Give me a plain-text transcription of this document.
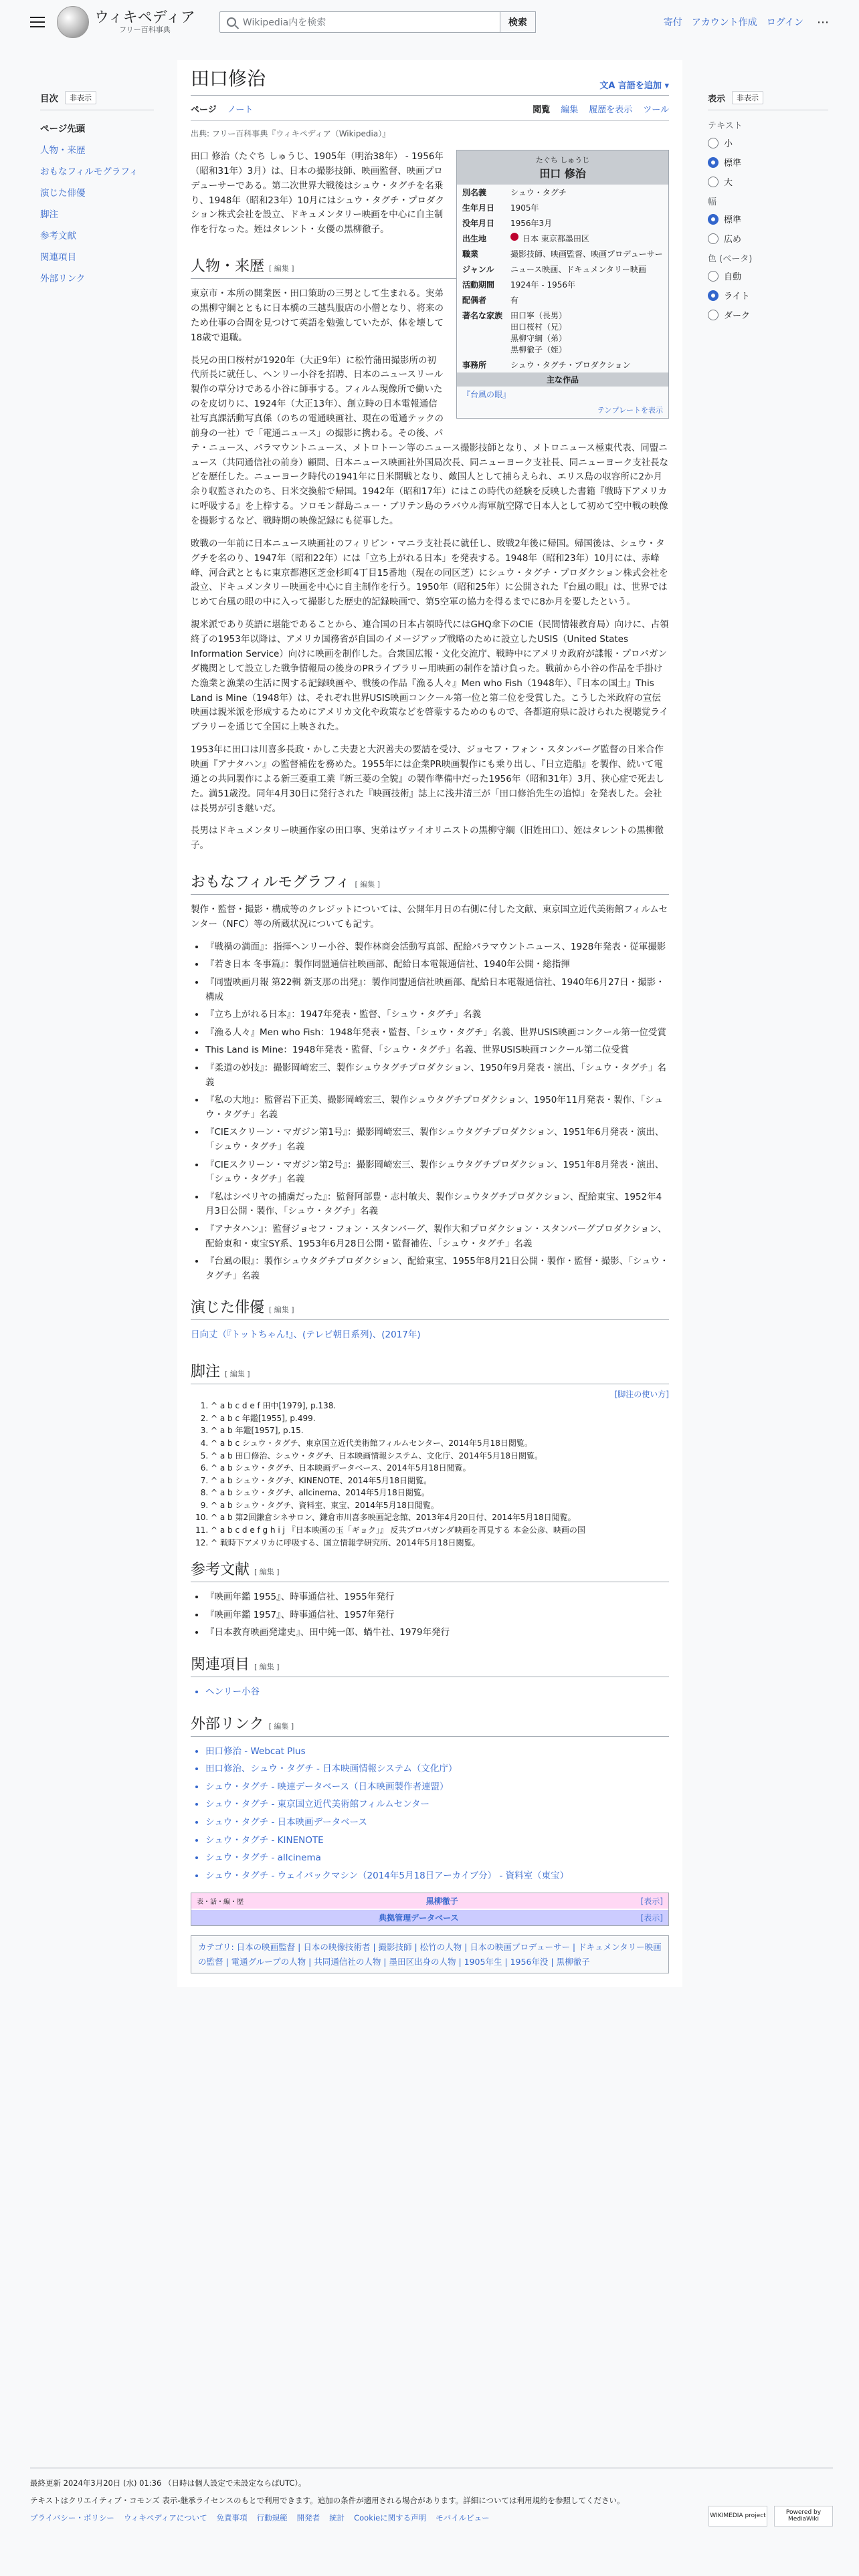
ウィキペディア
フリー百科事典
Wikipedia内を検索	検索	寄付 アカウント作成 ログイン ⋯
目次	非表示
ページ先頭
人物・来歴
おもなフィルモグラフィ
演じた俳優
脚注
参考文献
関連項目
外部リンク
田口修治	文A 言語を追加 ▾
ページ ノート	閲覧 編集 履歴を表示 ツール
出典: フリー百科事典『ウィキペディア（Wikipedia）』
たぐち しゅうじ
田口 修治
別名義	シュウ・タグチ
生年月日	1905年
没年月日	1956年3月
出生地	日本 東京都墨田区
職業	撮影技師、映画監督、映画プロデューサー
ジャンル	ニュース映画、ドキュメンタリー映画
活動期間	1924年 - 1956年
配偶者	有
著名な家族 田口寧（長男）
田口桜村（兄）
黒柳守綱（弟）
黒柳徹子（姪）
事務所	シュウ・タグチ・プロダクション
主な作品
『台風の眼』
テンプレートを表示

田口 修治（たぐち しゅうじ、1905年（明治38年） - 1956年（昭和31年）3月）は、日本の撮影技師、映画監督、映画プロデューサーである。第二次世界大戦後はシュウ・タグチを名乗り、1948年（昭和23年）10月にはシュウ・タグチ・プロダクション株式会社を設立、ドキュメンタリー映画を中心に自主制作を行なった。姪はタレント・女優の黒柳徹子。

人物・来歴 [ 編集 ]

東京市・本所の開業医・田口策助の三男として生まれる。実弟の黒柳守綱とともに日本橋の三越呉服店の小僧となり、将来のため仕事の合間を見つけて英語を勉強していたが、体を壊して18歳で退職。

長兄の田口桜村が1920年（大正9年）に松竹蒲田撮影所の初代所長に就任し、ヘンリー小谷を招聘、日本のニュースリール製作の草分けである小谷に師事する。フィルム現像所で働いたのを皮切りに、1924年（大正13年）、創立時の日本電報通信社写真課活動写真係（のちの電通映画社、現在の電通テックの前身の一社）で「電通ニュース」の撮影に携わる。その後、パテ・ニュース、パラマウントニュース、メトロトーン等のニュース撮影技師となり、メトロニュース極東代表、同盟ニュース（共同通信社の前身）顧問、日本ニュース映画社外国局次長、同ニューヨーク支社長、同ニューヨーク支社長などを歴任した。ニューヨーク時代の1941年に日米開戦となり、敵国人として捕らえられ、エリス島の収容所に2か月余り収監されたのち、日米交換船で帰国。1942年（昭和17年）にはこの時代の経験を反映した書籍『戦時下アメリカに呼吸する』を上梓する。ソロモン群島ニュー・ブリテン島のラバウル海軍航空隊で日本人として初めて空中戦の映像を撮影するなど、戦時期の映像記録にも従事した。

敗戦の一年前に日本ニュース映画社のフィリピン・マニラ支社長に就任し、敗戦2年後に帰国。帰国後は、シュウ・タグチを名のり、1947年（昭和22年）には「立ち上がれる日本」を発表する。1948年（昭和23年）10月には、赤峰峰、河合武とともに東京都港区芝金杉町4丁目15番地（現在の同区芝）にシュウ・タグチ・プロダクション株式会社を設立、ドキュメンタリー映画を中心に自主制作を行う。1950年（昭和25年）に公開された『台風の眼』は、世界ではじめて台風の眼の中に入って撮影した歴史的記録映画で、第5空軍の協力を得るまでに8か月を要したという。

親米派であり英語に堪能であることから、連合国の日本占領時代にはGHQ傘下のCIE（民間情報教育局）向けに、占領終了の1953年以降は、アメリカ国務省が自国のイメージアップ戦略のために設立したUSIS（United States Information Service）向けに映画を制作した。合衆国広報・文化交流庁、戦時中にアメリカ政府が諜報・プロパガンダ機関として設立した戦争情報局の後身のPRライブラリー用映画の制作を請け負った。戦前から小谷の作品を手掛けた漁業と漁業の生活に関する記録映画や、戦後の作品『漁る人々』Men who Fish（1948年）、『日本の国土』This Land is Mine（1948年）は、それぞれ世界USIS映画コンクール第一位と第二位を受賞した。こうした米政府の宣伝映画は親米派を形成するためにアメリカ文化や政策などを啓蒙するためのもので、各都道府県に設けられた視聴覚ライブラリーを通じて全国に上映された。

1953年に田口は川喜多長政・かしこ夫妻と大沢善夫の要請を受け、ジョセフ・フォン・スタンバーグ監督の日米合作映画『アナタハン』の監督補佐を務めた。1955年には企業PR映画製作にも乗り出し、『日立造船』を製作、続いて電通との共同製作による新三菱重工業『新三菱の全貌』の製作準備中だった1956年（昭和31年）3月、狭心症で死去した。満51歳没。同年4月30日に発行された『映画技術』誌上に浅井清三が「田口修治先生の追悼」を発表した。会社は長男が引き継いだ。

長男はドキュメンタリー映画作家の田口寧、実弟はヴァイオリニストの黒柳守綱（旧姓田口）、姪はタレントの黒柳徹子。

おもなフィルモグラフィ [ 編集 ]

製作・監督・撮影・構成等のクレジットについては、公開年月日の右側に付した文献、東京国立近代美術館フィルムセンター（NFC）等の所蔵状況についても記す。

• 『戦禍の満面』：指揮ヘンリー小谷、製作林商会活動写真部、配給パラマウントニュース、1928年発表・従軍撮影
• 『若き日本 冬事篇』：製作同盟通信社映画部、配給日本電報通信社、1940年公開・総指揮
• 『同盟映画月報 第22輯 新支那の出発』：製作同盟通信社映画部、配給日本電報通信社、1940年6月27日・撮影・構成
• 『立ち上がれる日本』：1947年発表・監督、「シュウ・タグチ」名義
• 『漁る人々』Men who Fish：1948年発表・監督、「シュウ・タグチ」名義、世界USIS映画コンクール第一位受賞
• This Land is Mine：1948年発表・監督、「シュウ・タグチ」名義、世界USIS映画コンクール第二位受賞
• 『柔道の妙技』：撮影岡崎宏三、製作シュウタグチプロダクション、1950年9月発表・演出、「シュウ・タグチ」名義
• 『私の大地』：監督岩下正美、撮影岡崎宏三、製作シュウタグチプロダクション、1950年11月発表・製作、「シュウ・タグチ」名義
• 『CIEスクリーン・マガジン第1号』：撮影岡崎宏三、製作シュウタグチプロダクション、1951年6月発表・演出、「シュウ・タグチ」名義
• 『CIEスクリーン・マガジン第2号』：撮影岡崎宏三、製作シュウタグチプロダクション、1951年8月発表・演出、「シュウ・タグチ」名義
• 『私はシベリヤの捕虜だった』：監督阿部豊・志村敏夫、製作シュウタグチプロダクション、配給東宝、1952年4月3日公開・製作、「シュウ・タグチ」名義
• 『アナタハン』：監督ジョセフ・フォン・スタンバーグ、製作大和プロダクション・スタンバーグプロダクション、配給東和・東宝SY系、1953年6月28日公開・監督補佐、「シュウ・タグチ」名義
• 『台風の眼』：製作シュウタグチプロダクション、配給東宝、1955年8月21日公開・製作・監督・撮影、「シュウ・タグチ」名義
演じた俳優 [ 編集 ]

日向丈（『トットちゃん!』、(テレビ朝日系列)、(2017年)

脚注 [ 編集 ]
[脚注の使い方]
1. ^ a b c d e f 田中[1979], p.138.
2. ^ a b c 年鑑[1955], p.499.
3. ^ a b 年鑑[1957], p.15.
4. ^ a b c シュウ・タグチ、東京国立近代美術館フィルムセンター、2014年5月18日閲覧。
5. ^ a b 田口修治、シュウ・タグチ、日本映画情報システム、文化庁、2014年5月18日閲覧。
6. ^ a b シュウ・タグチ、日本映画データベース、2014年5月18日閲覧。
7. ^ a b シュウ・タグチ、KINENOTE、2014年5月18日閲覧。
8. ^ a b シュウ・タグチ、allcinema、2014年5月18日閲覧。
9. ^ a b シュウ・タグチ、資料室、東宝、2014年5月18日閲覧。
10. ^ a b 第2回鎌倉シネサロン、鎌倉市川喜多映画記念館、2013年4月20日付、2014年5月18日閲覧。
11. ^ a b c d e f g h i j 『日本映画の玉「ギョク」』 反共プロパガンダ映画を再見する 本金公彦、映画の国
12. ^ 戦時下アメリカに呼吸する、国立情報学研究所、2014年5月18日閲覧。
参考文献 [ 編集 ]
• 『映画年鑑 1955』、時事通信社、1955年発行
• 『映画年鑑 1957』、時事通信社、1957年発行
• 『日本教育映画発達史』、田中純一郎、蝸牛社、1979年発行
関連項目 [ 編集 ]
• ヘンリー小谷
外部リンク [ 編集 ]
• 田口修治 - Webcat Plus
• 田口修治、シュウ・タグチ - 日本映画情報システム（文化庁）
• シュウ・タグチ - 映連データベース（日本映画製作者連盟）
• シュウ・タグチ - 東京国立近代美術館フィルムセンター
• シュウ・タグチ - 日本映画データベース
• シュウ・タグチ - KINENOTE
• シュウ・タグチ - allcinema
• シュウ・タグチ - ウェイバックマシン（2014年5月18日アーカイブ分） - 資料室（東宝）
表・話・編・歴	黒柳徹子	[表示]
典拠管理データベース	[表示]
カテゴリ: 日本の映画監督 | 日本の映像技術者 | 撮影技師 | 松竹の人物 | 日本の映画プロデューサー | ドキュメンタリー映画の監督 | 電通グループの人物 | 共同通信社の人物 | 墨田区出身の人物 | 1905年生 | 1956年没 | 黒柳徹子
表示	非表示
テキスト
小
標準
大
幅
標準
広め
色 (ベータ)
自動
ライト
ダーク
最終更新 2024年3月20日 (水) 01:36 （日時は個人設定で未設定ならばUTC）。
テキストはクリエイティブ・コモンズ 表示-継承ライセンスのもとで利用できます。追加の条件が適用される場合があります。詳細については利用規約を参照してください。
プライバシー・ポリシー ウィキペディアについて 免責事項 行動規範 開発者 統計 Cookieに関する声明 モバイルビュー	WIKIMEDIA project	Powered by MediaWiki
